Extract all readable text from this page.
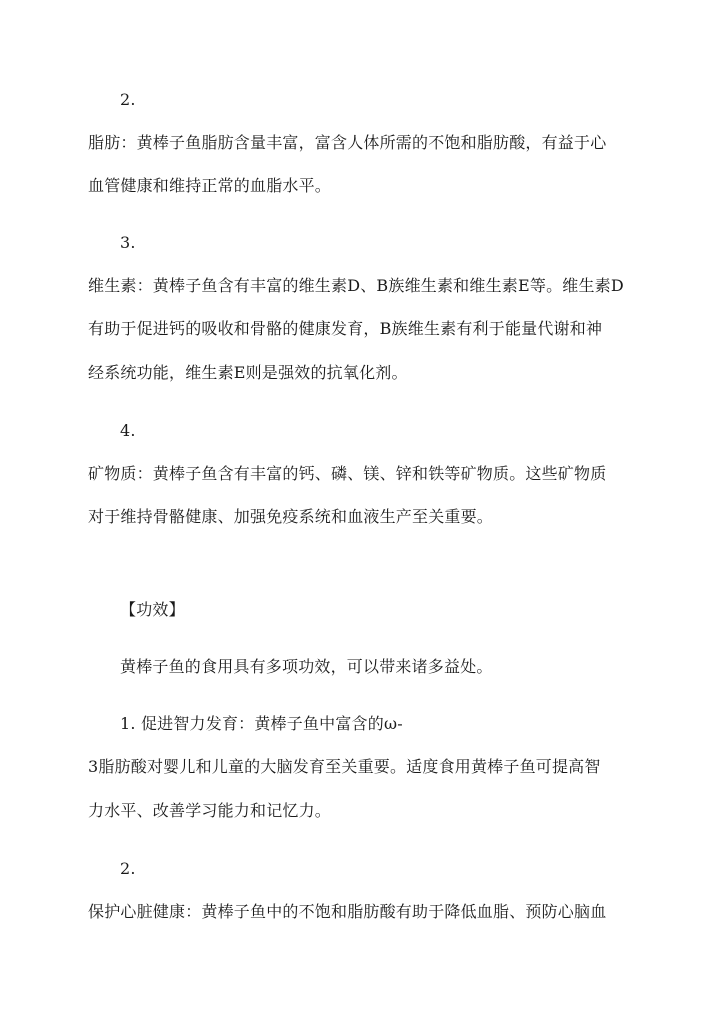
2.
脂肪：黄棒子鱼脂肪含量丰富，富含人体所需的不饱和脂肪酸，有益于心
血管健康和维持正常的血脂水平。
3.
维生素：黄棒子鱼含有丰富的维生素D、B族维生素和维生素E等。维生素D
有助于促进钙的吸收和骨骼的健康发育，B族维生素有利于能量代谢和神
经系统功能，维生素E则是强效的抗氧化剂。
4.
矿物质：黄棒子鱼含有丰富的钙、磷、镁、锌和铁等矿物质。这些矿物质
对于维持骨骼健康、加强免疫系统和血液生产至关重要。
【功效】
黄棒子鱼的食用具有多项功效，可以带来诸多益处。
1. 促进智力发育：黄棒子鱼中富含的ω-
3脂肪酸对婴儿和儿童的大脑发育至关重要。适度食用黄棒子鱼可提高智
力水平、改善学习能力和记忆力。
2.
保护心脏健康：黄棒子鱼中的不饱和脂肪酸有助于降低血脂、预防心脑血
